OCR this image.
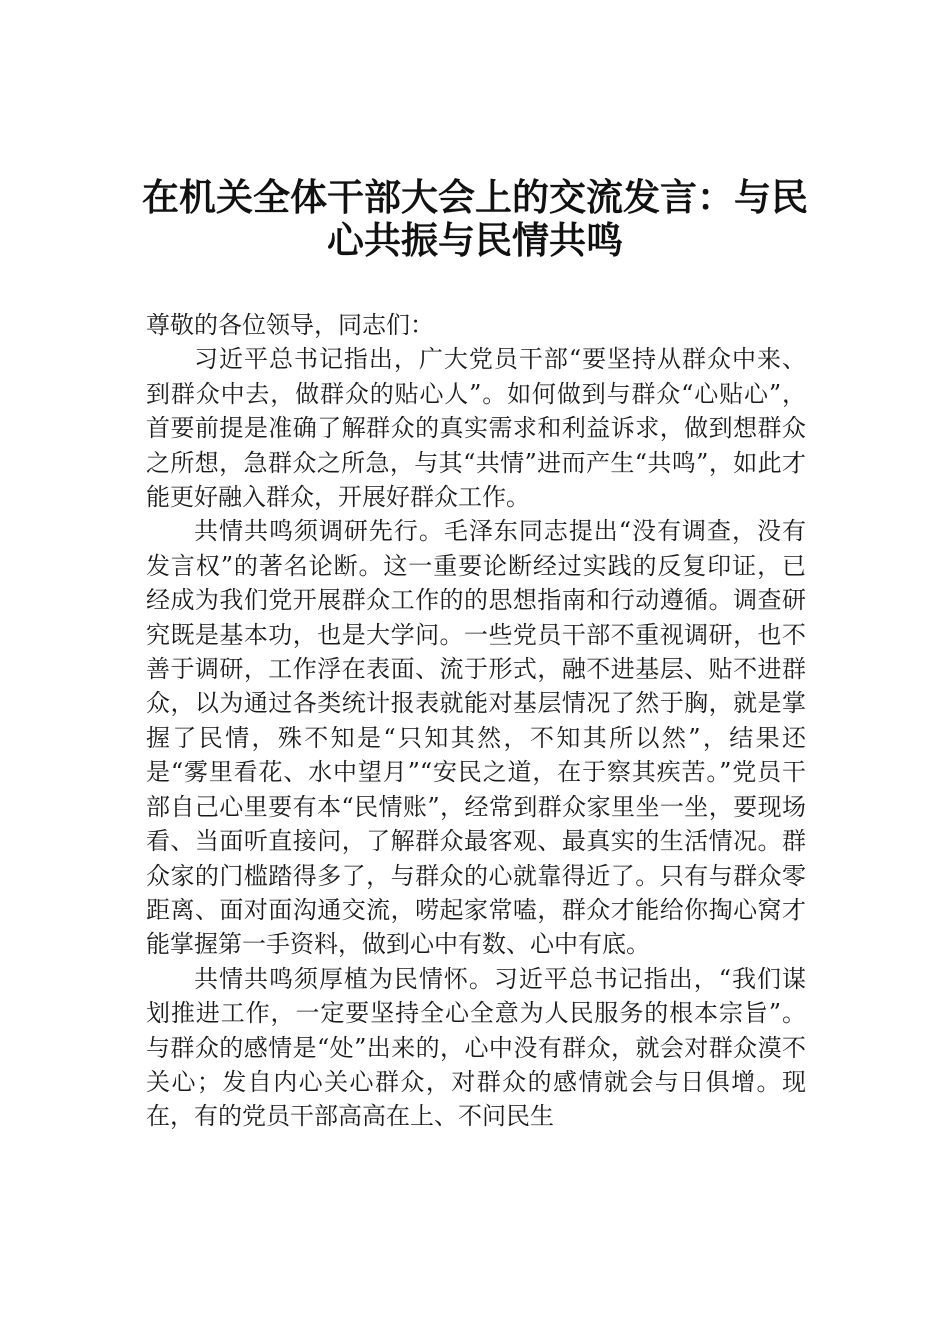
在机关全体干部大会上的交流发言：与民
心共振与民情共鸣

尊敬的各位领导，同志们：

习近平总书记指出，广大党员干部“要坚持从群众中来、到群众中去，做群众的贴心人”。如何做到与群众“心贴心”，首要前提是准确了解群众的真实需求和利益诉求，做到想群众之所想，急群众之所急，与其“共情”进而产生“共鸣”，如此才能更好融入群众，开展好群众工作。

共情共鸣须调研先行。毛泽东同志提出“没有调查，没有发言权”的著名论断。这一重要论断经过实践的反复印证，已经成为我们党开展群众工作的的思想指南和行动遵循。调查研究既是基本功，也是大学问。一些党员干部不重视调研，也不善于调研，工作浮在表面、流于形式，融不进基层、贴不进群众，以为通过各类统计报表就能对基层情况了然于胸，就是掌握了民情，殊不知是“只知其然，不知其所以然”，结果还是“雾里看花、水中望月”“安民之道，在于察其疾苦。”党员干部自己心里要有本“民情账”，经常到群众家里坐一坐，要现场看、当面听直接问，了解群众最客观、最真实的生活情况。群众家的门槛踏得多了，与群众的心就靠得近了。只有与群众零距离、面对面沟通交流，唠起家常嗑，群众才能给你掏心窝才能掌握第一手资料，做到心中有数、心中有底。

共情共鸣须厚植为民情怀。习近平总书记指出，“我们谋划推进工作，一定要坚持全心全意为人民服务的根本宗旨”。与群众的感情是“处”出来的，心中没有群众，就会对群众漠不关心；发自内心关心群众，对群众的感情就会与日俱增。现在，有的党员干部高高在上、不问民生
